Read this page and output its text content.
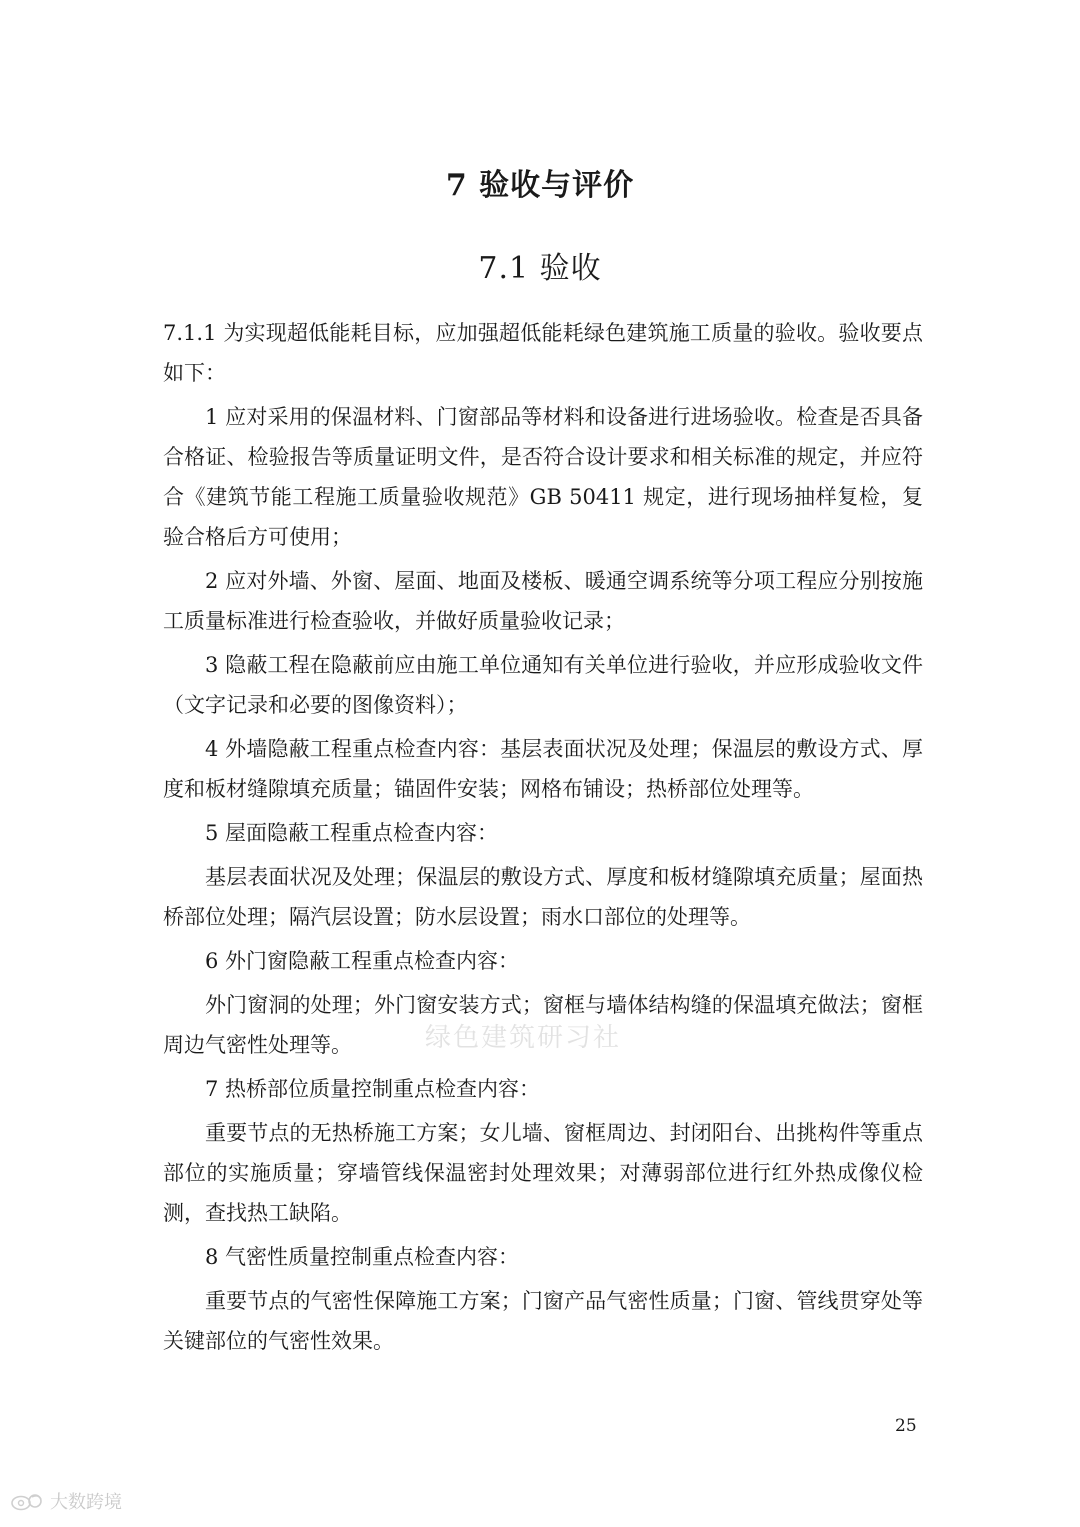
7 验收与评价
7.1 验收

7.1.1 为实现超低能耗目标，应加强超低能耗绿色建筑施工质量的验收。验收要点如下：

1 应对采用的保温材料、门窗部品等材料和设备进行进场验收。检查是否具备合格证、检验报告等质量证明文件，是否符合设计要求和相关标准的规定，并应符合《建筑节能工程施工质量验收规范》GB 50411 规定，进行现场抽样复检，复验合格后方可使用；

2 应对外墙、外窗、屋面、地面及楼板、暖通空调系统等分项工程应分别按施工质量标准进行检查验收，并做好质量验收记录；

3 隐蔽工程在隐蔽前应由施工单位通知有关单位进行验收，并应形成验收文件（文字记录和必要的图像资料）；

4 外墙隐蔽工程重点检查内容：基层表面状况及处理；保温层的敷设方式、厚度和板材缝隙填充质量；锚固件安装；网格布铺设；热桥部位处理等。

5 屋面隐蔽工程重点检查内容：

基层表面状况及处理；保温层的敷设方式、厚度和板材缝隙填充质量；屋面热桥部位处理；隔汽层设置；防水层设置；雨水口部位的处理等。

6 外门窗隐蔽工程重点检查内容：

外门窗洞的处理；外门窗安装方式；窗框与墙体结构缝的保温填充做法；窗框周边气密性处理等。

7 热桥部位质量控制重点检查内容：

重要节点的无热桥施工方案；女儿墙、窗框周边、封闭阳台、出挑构件等重点部位的实施质量；穿墙管线保温密封处理效果；对薄弱部位进行红外热成像仪检测，查找热工缺陷。

8 气密性质量控制重点检查内容：

重要节点的气密性保障施工方案；门窗产品气密性质量；门窗、管线贯穿处等关键部位的气密性效果。

绿色建筑研习社
25
大数跨境
